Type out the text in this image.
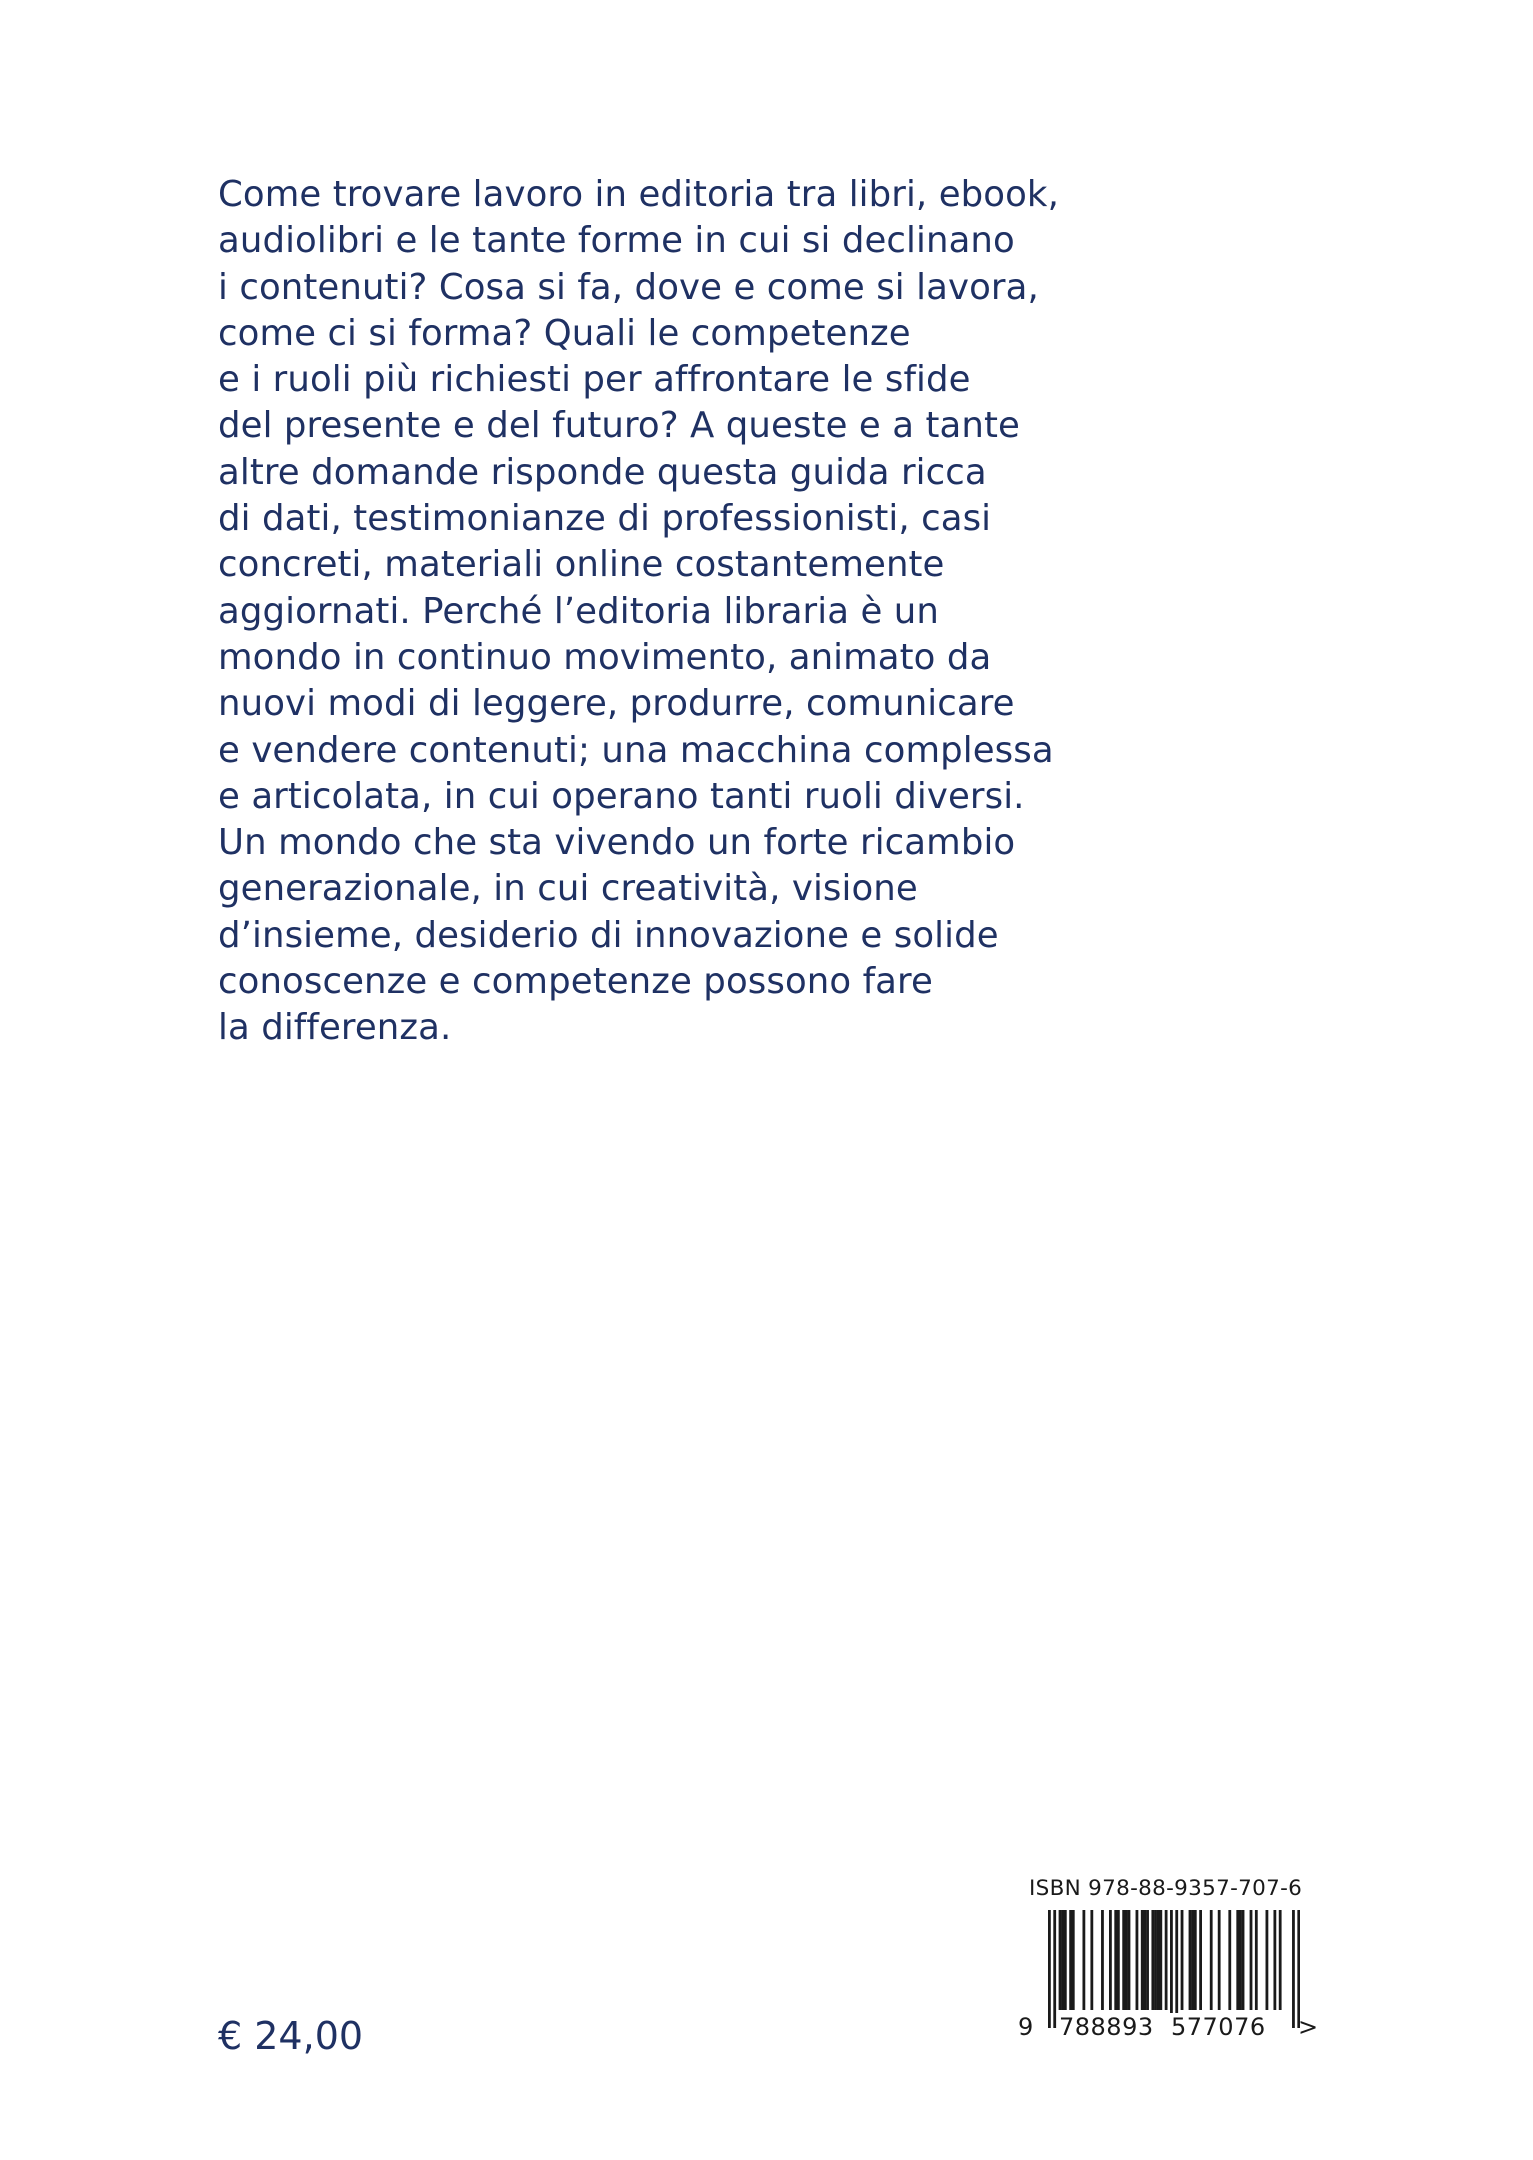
Come trovare lavoro in editoria tra libri, ebook,
audiolibri e le tante forme in cui si declinano
i contenuti? Cosa si fa, dove e come si lavora,
come ci si forma? Quali le competenze
e i ruoli più richiesti per affrontare le sfide
del presente e del futuro? A queste e a tante
altre domande risponde questa guida ricca
di dati, testimonianze di professionisti, casi
concreti, materiali online costantemente
aggiornati. Perché l’editoria libraria è un
mondo in continuo movimento, animato da
nuovi modi di leggere, produrre, comunicare
e vendere contenuti; una macchina complessa
e articolata, in cui operano tanti ruoli diversi.
Un mondo che sta vivendo un forte ricambio
generazionale, in cui creatività, visione
d’insieme, desiderio di innovazione e solide
conoscenze e competenze possono fare
la differenza.
€ 24,00
ISBN 978-88-9357-707-6
9 788893 577076 >
